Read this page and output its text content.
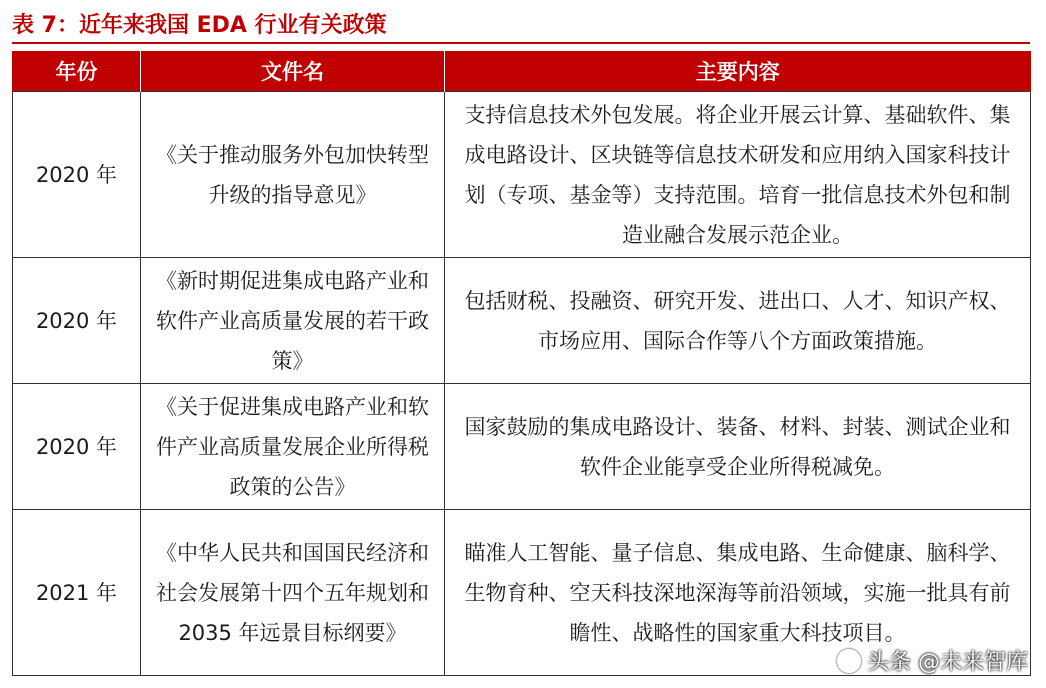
表 7：近年来我国 EDA 行业有关政策
年份	文件名	主要内容
2020 年	《关于推动服务外包加快转型升级的指导意见》	支持信息技术外包发展。将企业开展云计算、基础软件、集成电路设计、区块链等信息技术研发和应用纳入国家科技计划（专项、基金等）支持范围。培育一批信息技术外包和制造业融合发展示范企业。
2020 年	《新时期促进集成电路产业和软件产业高质量发展的若干政策》	包括财税、投融资、研究开发、进出口、人才、知识产权、市场应用、国际合作等八个方面政策措施。
2020 年	《关于促进集成电路产业和软件产业高质量发展企业所得税政策的公告》	国家鼓励的集成电路设计、装备、材料、封装、测试企业和软件企业能享受企业所得税减免。
2021 年	《中华人民共和国国民经济和社会发展第十四个五年规划和 2035 年远景目标纲要》	瞄准人工智能、量子信息、集成电路、生命健康、脑科学、生物育种、空天科技深地深海等前沿领域，实施一批具有前瞻性、战略性的国家重大科技项目。
头条 @未来智库
